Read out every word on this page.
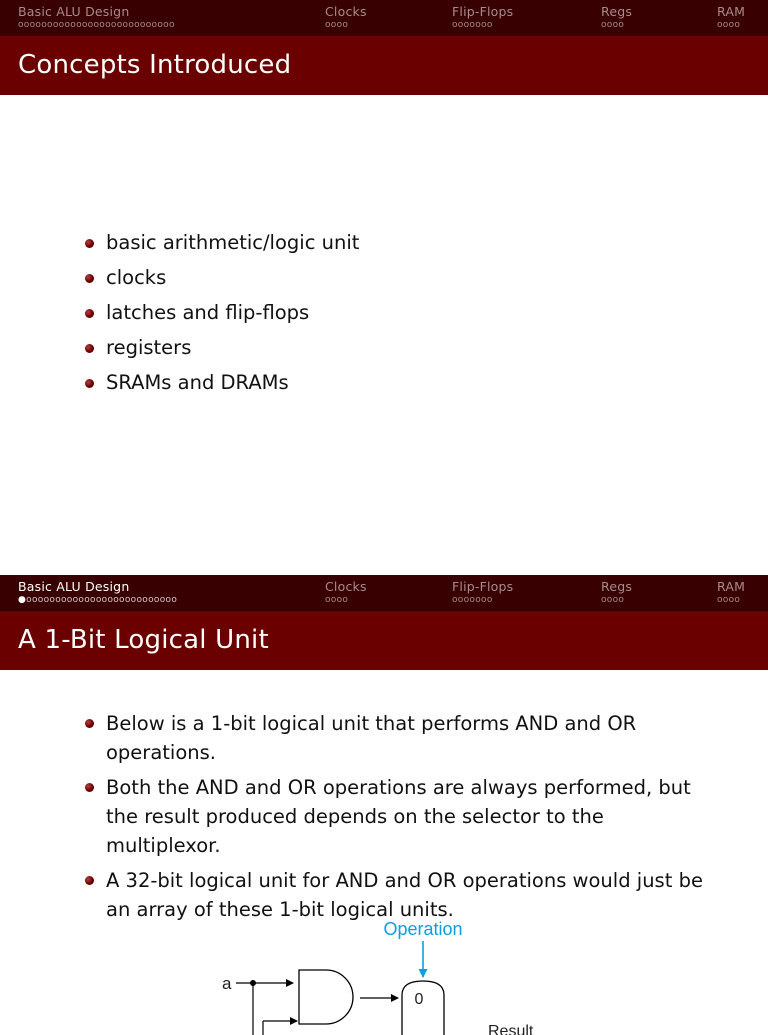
Basic ALU Design
ooooooooooooooooooooooooooo
Clocks
oooo
Flip-Flops
ooooooo
Regs
oooo
RAM
oooo
Concepts Introduced
basic arithmetic/logic unit
clocks
latches and flip-flops
registers
SRAMs and DRAMs
Basic ALU Design
●oooooooooooooooooooooooooo
Clocks
oooo
Flip-Flops
ooooooo
Regs
oooo
RAM
oooo
A 1-Bit Logical Unit
Below is a 1-bit logical unit that performs AND and OR operations.
Both the AND and OR operations are always performed, but the result produced depends on the selector to the multiplexor.
A 32-bit logical unit for AND and OR operations would just be an array of these 1-bit logical units.
Operation
a
0
Result
